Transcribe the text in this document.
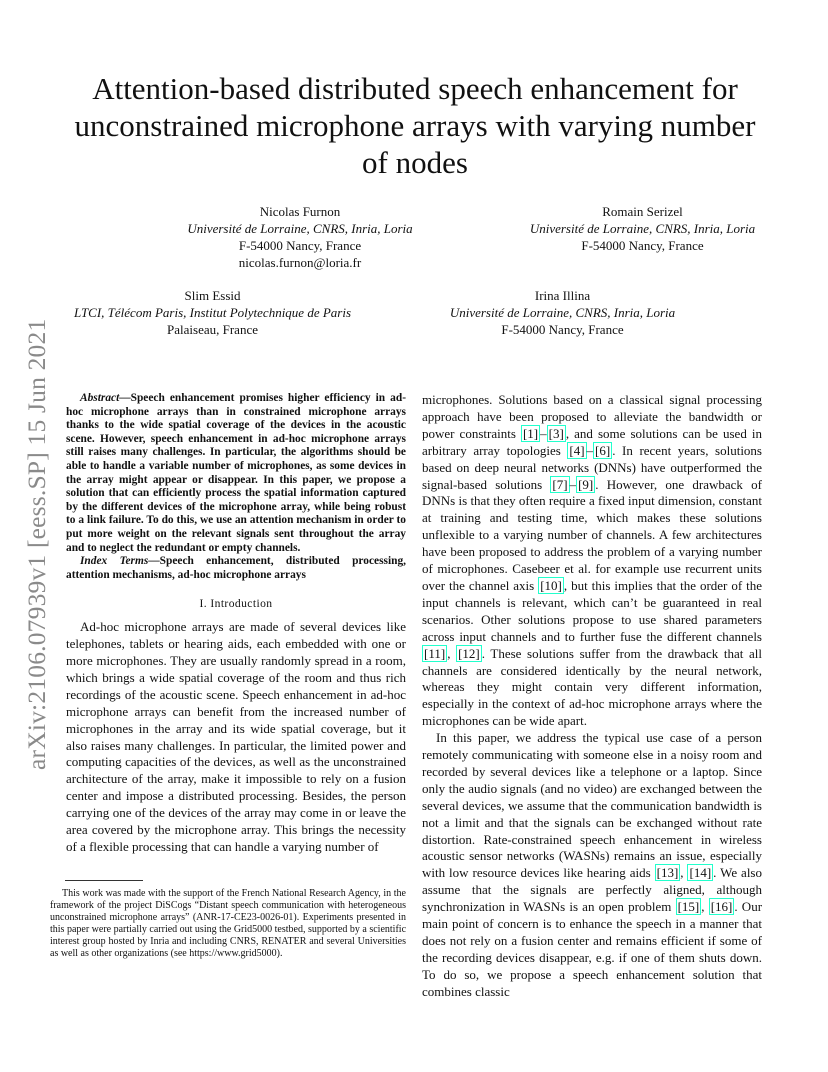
arXiv:2106.07939v1 [eess.SP] 15 Jun 2021
Attention-based distributed speech enhancement for unconstrained microphone arrays with varying number of nodes
Nicolas Furnon
Université de Lorraine, CNRS, Inria, Loria
F-54000 Nancy, France
nicolas.furnon@loria.fr
Romain Serizel
Université de Lorraine, CNRS, Inria, Loria
F-54000 Nancy, France
Slim Essid
LTCI, Télécom Paris, Institut Polytechnique de Paris
Palaiseau, France
Irina Illina
Université de Lorraine, CNRS, Inria, Loria
F-54000 Nancy, France

Abstract—Speech enhancement promises higher efficiency in ad-hoc microphone arrays than in constrained microphone arrays thanks to the wide spatial coverage of the devices in the acoustic scene. However, speech enhancement in ad-hoc microphone arrays still raises many challenges. In particular, the algorithms should be able to handle a variable number of microphones, as some devices in the array might appear or disappear. In this paper, we propose a solution that can efficiently process the spatial information captured by the different devices of the microphone array, while being robust to a link failure. To do this, we use an attention mechanism in order to put more weight on the relevant signals sent throughout the array and to neglect the redundant or empty channels.

Index Terms—Speech enhancement, distributed processing, attention mechanisms, ad-hoc microphone arrays

I. Introduction

Ad-hoc microphone arrays are made of several devices like telephones, tablets or hearing aids, each embedded with one or more microphones. They are usually randomly spread in a room, which brings a wide spatial coverage of the room and thus rich recordings of the acoustic scene. Speech enhancement in ad-hoc microphone arrays can benefit from the increased number of microphones in the array and its wide spatial coverage, but it also raises many challenges. In particular, the limited power and computing capacities of the devices, as well as the unconstrained architecture of the array, make it impossible to rely on a fusion center and impose a distributed processing. Besides, the person carrying one of the devices of the array may come in or leave the area covered by the microphone array. This brings the necessity of a flexible processing that can handle a varying number of

This work was made with the support of the French National Research Agency, in the framework of the project DiSCogs “Distant speech communication with heterogeneous unconstrained microphone arrays” (ANR-17-CE23-0026-01). Experiments presented in this paper were partially carried out using the Grid5000 testbed, supported by a scientific interest group hosted by Inria and including CNRS, RENATER and several Universities as well as other organizations (see https://www.grid5000).

microphones. Solutions based on a classical signal processing approach have been proposed to alleviate the bandwidth or power constraints [1] – [3] , and some solutions can be used in arbitrary array topologies [4] – [6] . In recent years, solutions based on deep neural networks (DNNs) have outperformed the signal-based solutions [7] – [9] . However, one drawback of DNNs is that they often require a fixed input dimension, constant at training and testing time, which makes these solutions unflexible to a varying number of channels. A few architectures have been proposed to address the problem of a varying number of microphones. Casebeer et al. for example use recurrent units over the channel axis [10] , but this implies that the order of the input channels is relevant, which can’t be guaranteed in real scenarios. Other solutions propose to use shared parameters across input channels and to further fuse the different channels [11] , [12] . These solutions suffer from the drawback that all channels are considered identically by the neural network, whereas they might contain very different information, especially in the context of ad-hoc microphone arrays where the microphones can be wide apart.

In this paper, we address the typical use case of a person remotely communicating with someone else in a noisy room and recorded by several devices like a telephone or a laptop. Since only the audio signals (and no video) are exchanged between the several devices, we assume that the communication bandwidth is not a limit and that the signals can be exchanged without rate distortion. Rate-constrained speech enhancement in wireless acoustic sensor networks (WASNs) remains an issue, especially with low resource devices like hearing aids [13] , [14] . We also assume that the signals are perfectly aligned, although synchronization in WASNs is an open problem [15] , [16] . Our main point of concern is to enhance the speech in a manner that does not rely on a fusion center and remains efficient if some of the recording devices disappear, e.g. if one of them shuts down. To do so, we propose a speech enhancement solution that combines classic
